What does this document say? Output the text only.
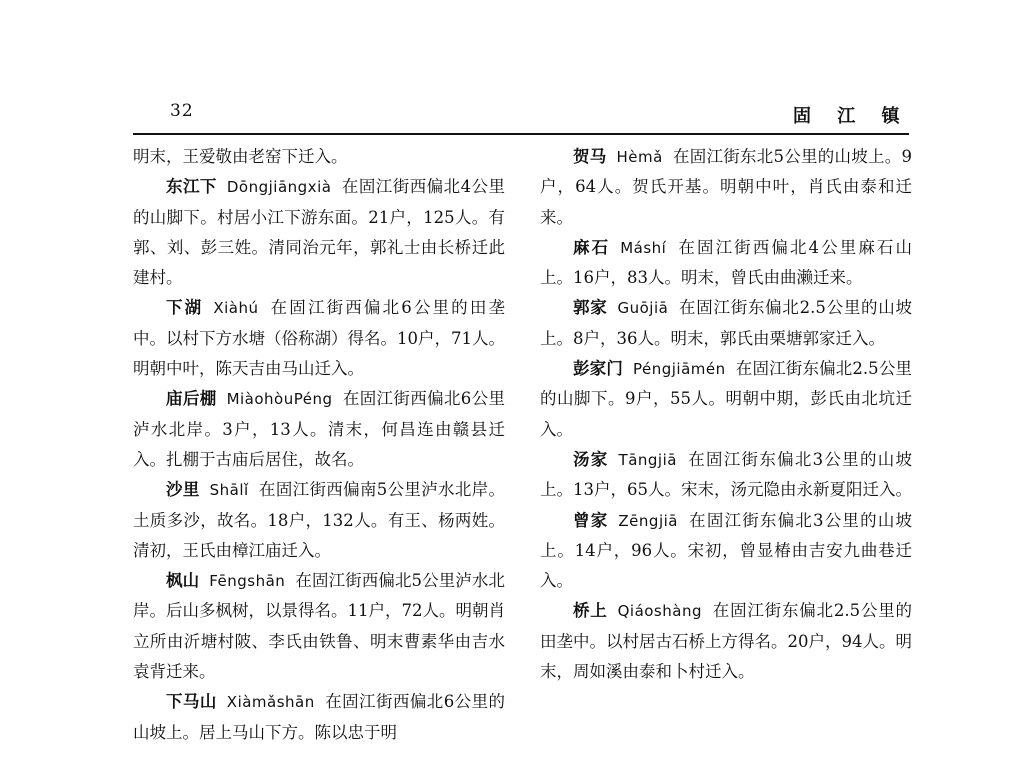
32	固 江 镇

明末，王爱敬由老窑下迁入。

东江下 Dōngjiāngxià 在固江街西偏北4公里的山脚下。村居小江下游东面。21户，125人。有郭、刘、彭三姓。清同治元年，郭礼士由长桥迁此建村。

下湖 Xiàhú 在固江街西偏北6公里的田垄中。以村下方水塘（俗称湖）得名。10户，71人。明朝中叶，陈天吉由马山迁入。

庙后棚 MiàohòuPéng 在固江街西偏北6公里泸水北岸。3户，13人。清末，何昌连由赣县迁入。扎棚于古庙后居住，故名。

沙里 Shālǐ 在固江街西偏南5公里泸水北岸。土质多沙，故名。18户，132人。有王、杨两姓。清初，王氏由樟江庙迁入。

枫山 Fēngshān 在固江街西偏北5公里泸水北岸。后山多枫树，以景得名。11户，72人。明朝肖立所由沂塘村陂、李氏由铁鲁、明末曹素华由吉水袁背迁来。

下马山 Xiàmǎshān 在固江街西偏北6公里的山坡上。居上马山下方。陈以忠于明

贺马 Hèmǎ 在固江街东北5公里的山坡上。9户，64人。贺氏开基。明朝中叶，肖氏由泰和迁来。

麻石 Máshí 在固江街西偏北4公里麻石山上。16户，83人。明末，曾氏由曲濑迁来。

郭家 Guōjiā 在固江街东偏北2.5公里的山坡上。8户，36人。明末，郭氏由栗塘郭家迁入。

彭家门 Péngjiāmén 在固江街东偏北2.5公里的山脚下。9户，55人。明朝中期，彭氏由北坑迁入。

汤家 Tāngjiā 在固江街东偏北3公里的山坡上。13户，65人。宋末，汤元隐由永新夏阳迁入。

曾家 Zēngjiā 在固江街东偏北3公里的山坡上。14户，96人。宋初，曾显椿由吉安九曲巷迁入。

桥上 Qiáoshàng 在固江街东偏北2.5公里的田垄中。以村居古石桥上方得名。20户，94人。明末，周如溪由泰和卜村迁入。
